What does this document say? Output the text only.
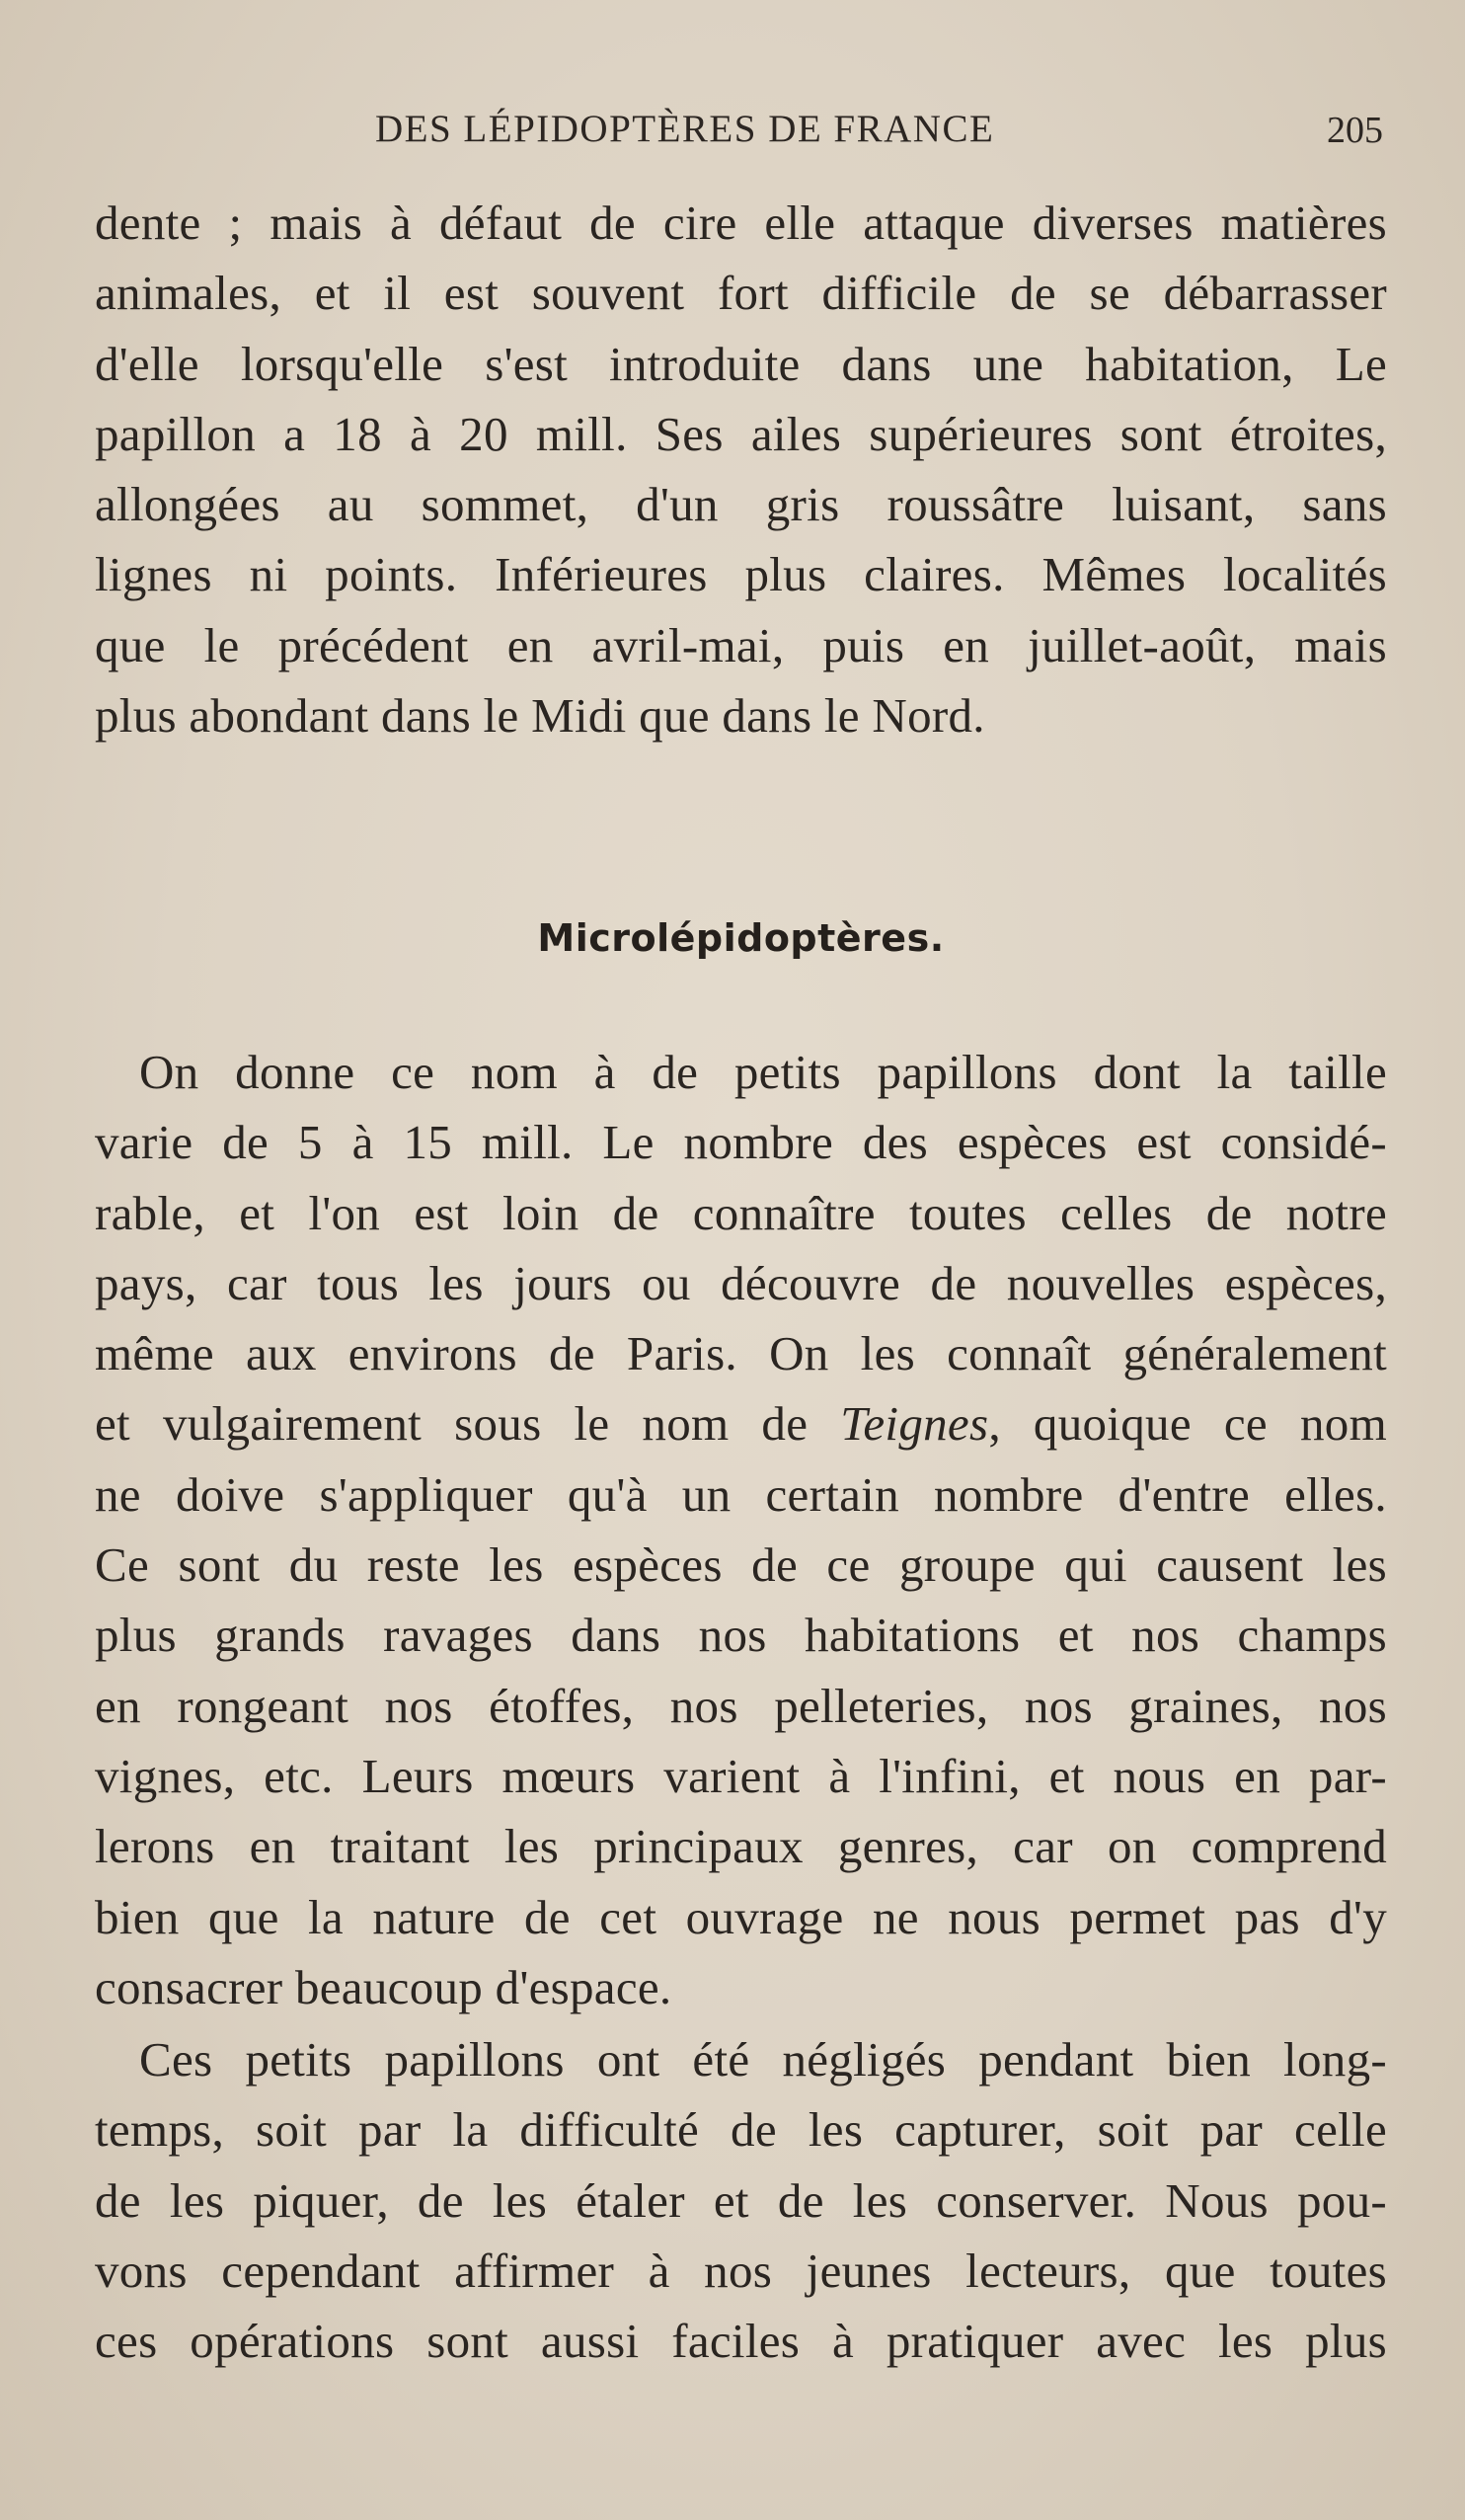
DES LÉPIDOPTÈRES DE FRANCE	205
dente ; mais à défaut de cire elle attaque diverses matières
animales, et il est souvent fort difficile de se débarrasser
d'elle lorsqu'elle s'est introduite dans une habitation, Le
papillon a 18 à 20 mill. Ses ailes supérieures sont étroites,
allongées au sommet, d'un gris roussâtre luisant, sans
lignes ni points. Inférieures plus claires. Mêmes localités
que le précédent en avril-mai, puis en juillet-août, mais
plus abondant dans le Midi que dans le Nord.
Microlépidoptères.
On donne ce nom à de petits papillons dont la taille
varie de 5 à 15 mill. Le nombre des espèces est considé-
rable, et l'on est loin de connaître toutes celles de notre
pays, car tous les jours ou découvre de nouvelles espèces,
même aux environs de Paris. On les connaît généralement
et vulgairement sous le nom de Teignes, quoique ce nom
ne doive s'appliquer qu'à un certain nombre d'entre elles.
Ce sont du reste les espèces de ce groupe qui causent les
plus grands ravages dans nos habitations et nos champs
en rongeant nos étoffes, nos pelleteries, nos graines, nos
vignes, etc. Leurs mœurs varient à l'infini, et nous en par-
lerons en traitant les principaux genres, car on comprend
bien que la nature de cet ouvrage ne nous permet pas d'y
consacrer beaucoup d'espace.
Ces petits papillons ont été négligés pendant bien long-
temps, soit par la difficulté de les capturer, soit par celle
de les piquer, de les étaler et de les conserver. Nous pou-
vons cependant affirmer à nos jeunes lecteurs, que toutes
ces opérations sont aussi faciles à pratiquer avec les plus
